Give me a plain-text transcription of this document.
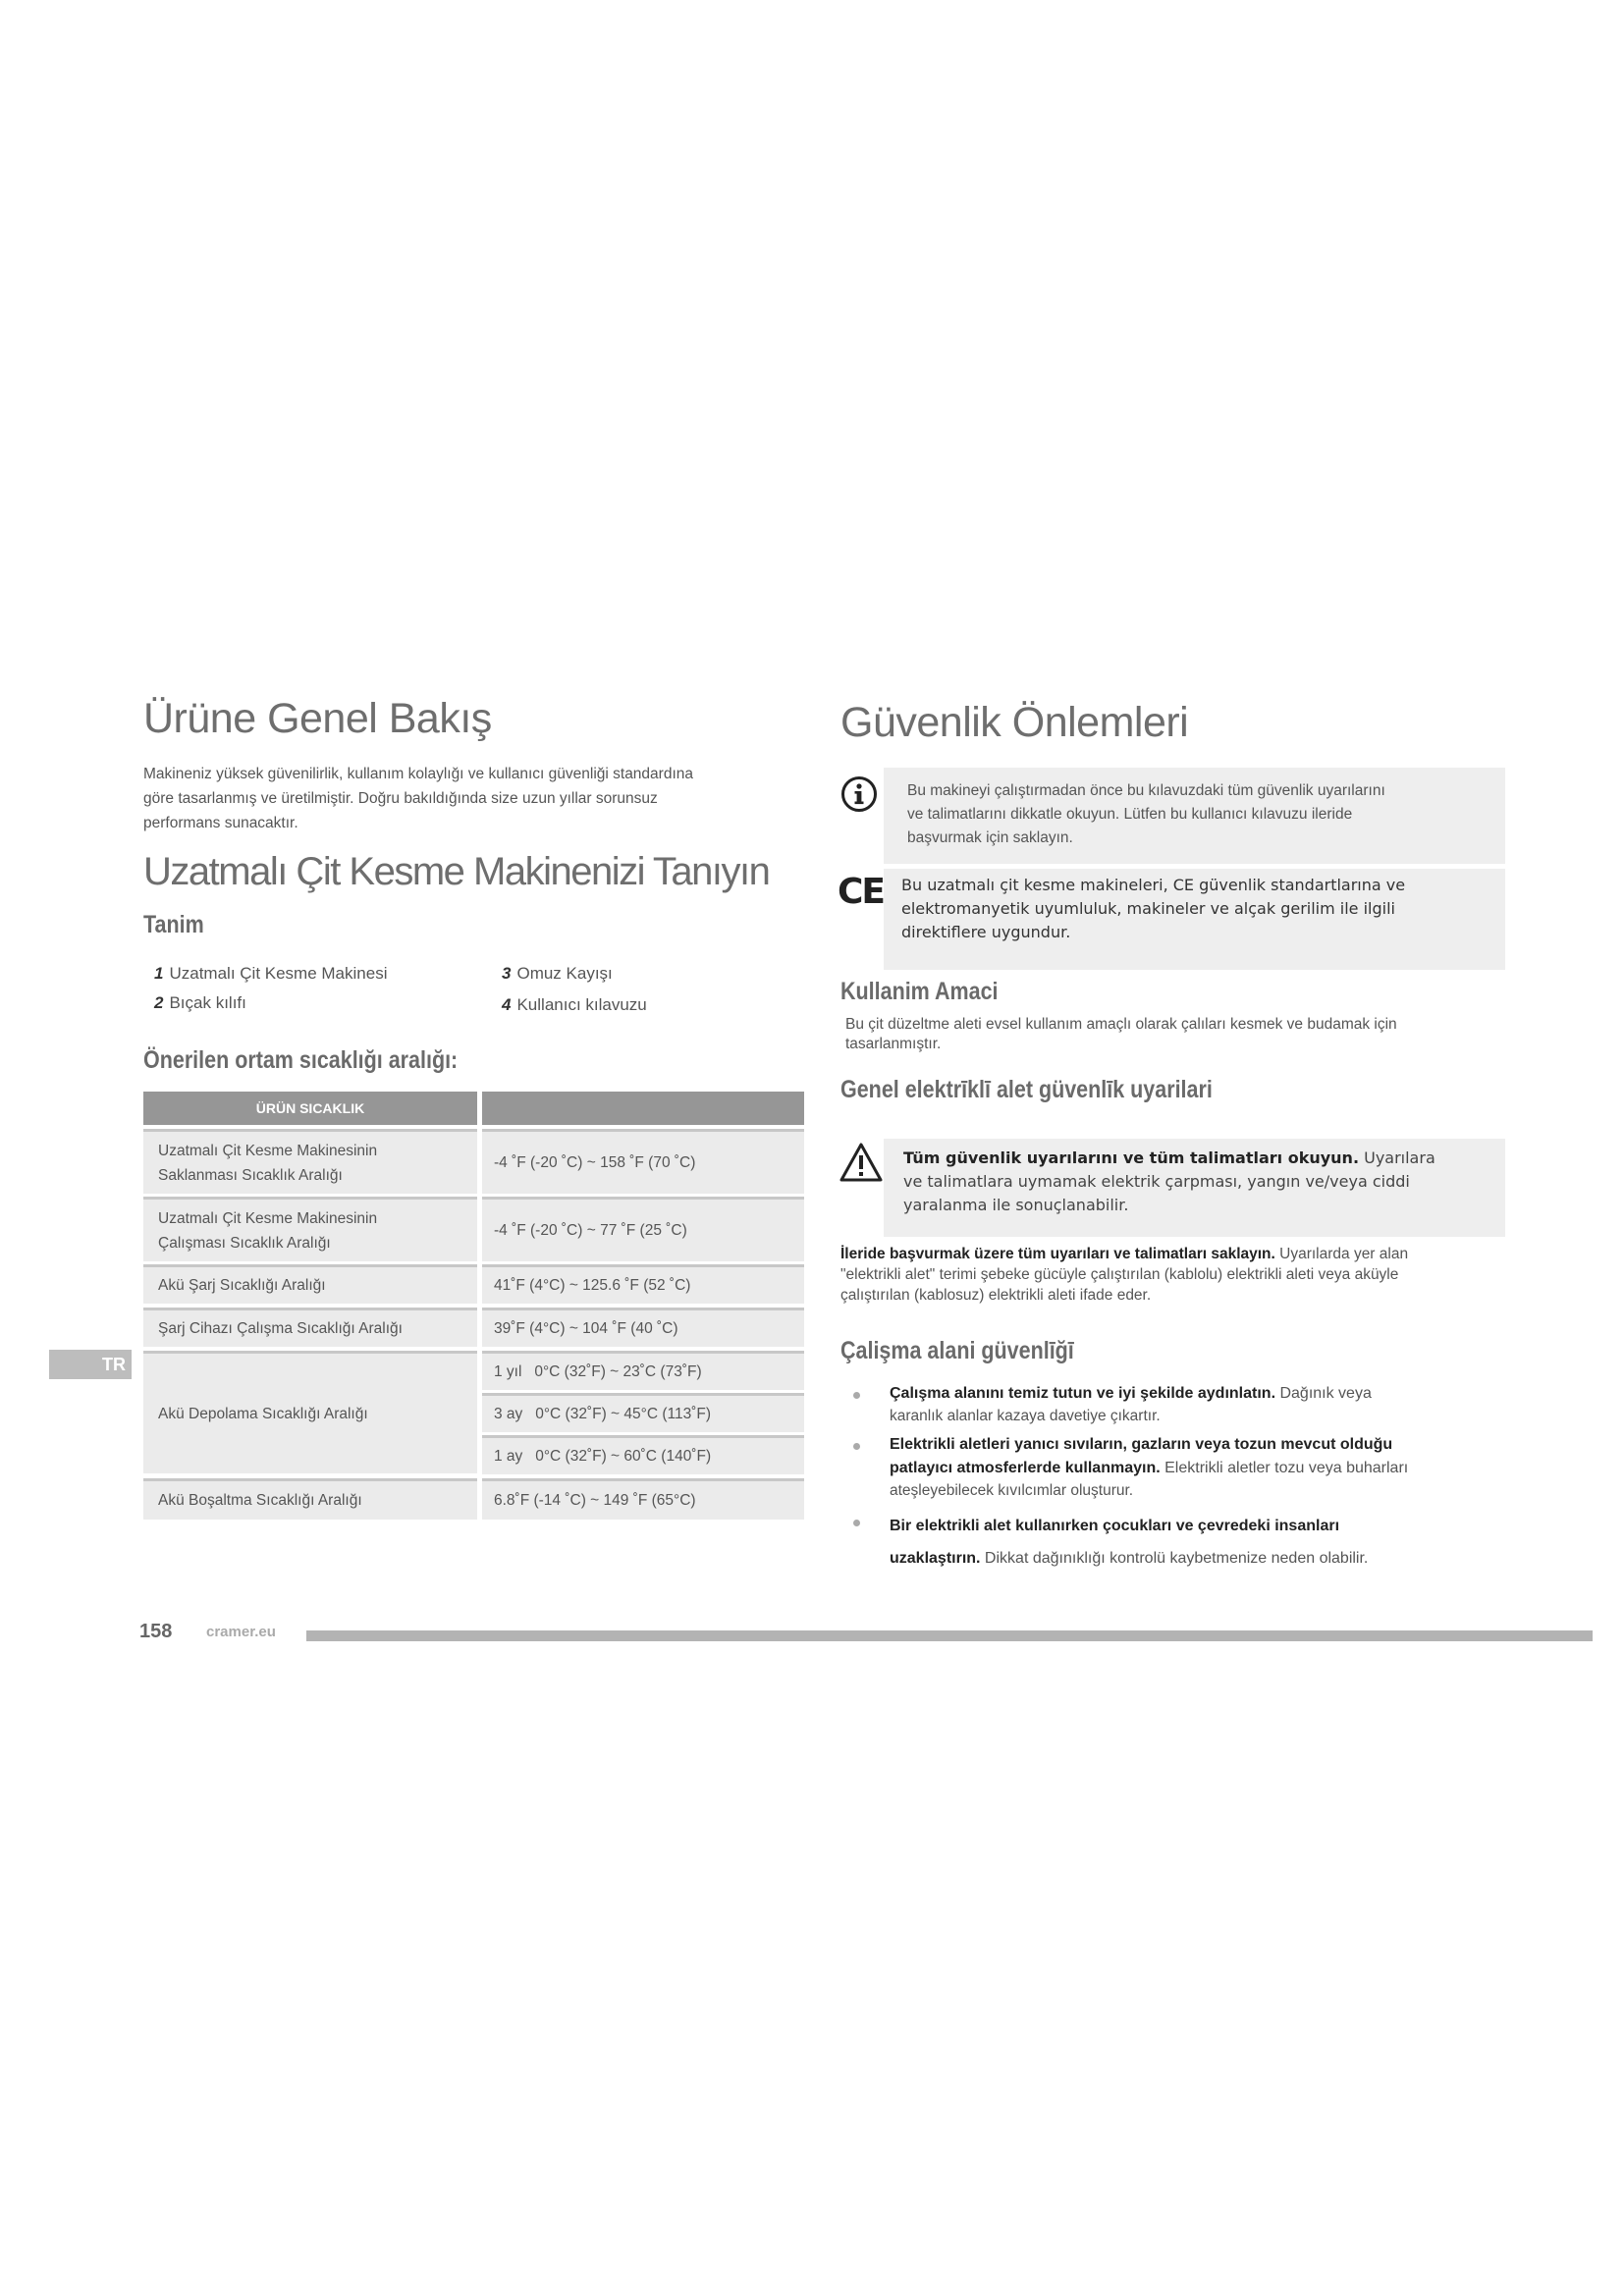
Ürüne Genel Bakış
Makineniz yüksek güvenilirlik, kullanım kolaylığı ve kullanıcı güvenliği standardına
göre tasarlanmış ve üretilmiştir. Doğru bakıldığında size uzun yıllar sorunsuz
performans sunacaktır.
Uzatmalı Çit Kesme Makinenizi Tanıyın
Tanim
1 Uzatmalı Çit Kesme Makinesi
2 Bıçak kılıfı
3 Omuz Kayışı
4 Kullanıcı kılavuzu
Önerilen ortam sıcaklığı aralığı:
ÜRÜN SICAKLIK
Uzatmalı Çit Kesme Makinesinin
Saklanması Sıcaklık Aralığı
-4 ˚F (-20 ˚C) ~ 158 ˚F (70 ˚C)
Uzatmalı Çit Kesme Makinesinin
Çalışması Sıcaklık Aralığı
-4 ˚F (-20 ˚C) ~ 77 ˚F (25 ˚C)
Akü Şarj Sıcaklığı Aralığı	41˚F (4°C) ~ 125.6 ˚F (52 ˚C)
Şarj Cihazı Çalışma Sıcaklığı Aralığı	39˚F (4°C) ~ 104 ˚F (40 ˚C)
Akü Depolama Sıcaklığı Aralığı
1 yıl   0°C (32˚F) ~ 23˚C (73˚F)
3 ay   0°C (32˚F) ~ 45°C (113˚F)
1 ay   0°C (32˚F) ~ 60˚C (140˚F)
Akü Boşaltma Sıcaklığı Aralığı	6.8˚F (-14 ˚C) ~ 149 ˚F (65°C)
TR
Güvenlik Önlemleri
Bu makineyi çalıştırmadan önce bu kılavuzdaki tüm güvenlik uyarılarını
ve talimatlarını dikkatle okuyun. Lütfen bu kullanıcı kılavuzu ileride
başvurmak için saklayın.
CE Bu uzatmalı çit kesme makineleri, CE güvenlik standartlarına ve
elektromanyetik uyumluluk, makineler ve alçak gerilim ile ilgili
direktiflere uygundur.
Kullanim Amaci
Bu çit düzeltme aleti evsel kullanım amaçlı olarak çalıları kesmek ve budamak için
tasarlanmıştır.
Genel elektrīklī alet güvenlīk uyarilari
Tüm güvenlik uyarılarını ve tüm talimatları okuyun. Uyarılara
ve talimatlara uymamak elektrik çarpması, yangın ve/veya ciddi
yaralanma ile sonuçlanabilir.
İleride başvurmak üzere tüm uyarıları ve talimatları saklayın. Uyarılarda yer alan
"elektrikli alet" terimi şebeke gücüyle çalıştırılan (kablolu) elektrikli aleti veya aküyle
çalıştırılan (kablosuz) elektrikli aleti ifade eder.
Çalişma alani güvenlīğī
Çalışma alanını temiz tutun ve iyi şekilde aydınlatın. Dağınık veya
karanlık alanlar kazaya davetiye çıkartır.
Elektrikli aletleri yanıcı sıvıların, gazların veya tozun mevcut olduğu
patlayıcı atmosferlerde kullanmayın. Elektrikli aletler tozu veya buharları
ateşleyebilecek kıvılcımlar oluşturur.
Bir elektrikli alet kullanırken çocukları ve çevredeki insanları
uzaklaştırın. Dikkat dağınıklığı kontrolü kaybetmenize neden olabilir.
158 cramer.eu
